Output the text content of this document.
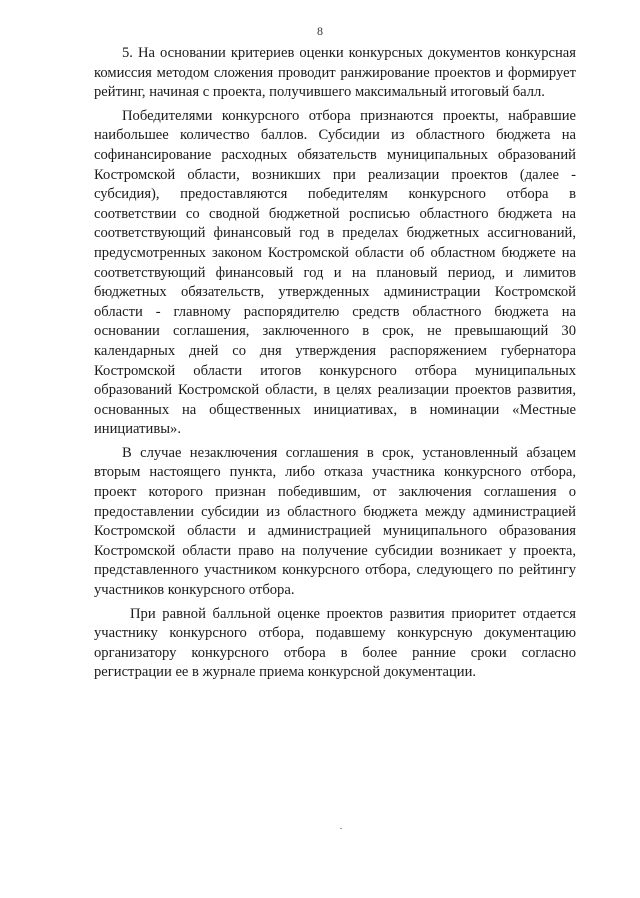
8

5. На основании критериев оценки конкурсных документов конкурсная комиссия методом сложения проводит ранжирование проектов и формирует рейтинг, начиная с проекта, получившего максимальный итоговый балл.

Победителями конкурсного отбора признаются проекты, набравшие наибольшее количество баллов. Субсидии из областного бюджета на софинансирование расходных обязательств муниципальных образований Костромской области, возникших при реализации проектов (далее - субсидия), предоставляются победителям конкурсного отбора в соответствии со сводной бюджетной росписью областного бюджета на соответствующий финансовый год в пределах бюджетных ассигнований, предусмотренных законом Костромской области об областном бюджете на соответствующий финансовый год и на плановый период, и лимитов бюджетных обязательств, утвержденных администрации Костромской области - главному распорядителю средств областного бюджета на основании соглашения, заключенного в срок, не превышающий 30 календарных дней со дня утверждения распоряжением губернатора Костромской области итогов конкурсного отбора муниципальных образований Костромской области, в целях реализации проектов развития, основанных на общественных инициативах, в номинации «Местные инициативы».

В случае незаключения соглашения в срок, установленный абзацем вторым настоящего пункта, либо отказа участника конкурсного отбора, проект которого признан победившим, от заключения соглашения о предоставлении субсидии из областного бюджета между администрацией Костромской области и администрацией муниципального образования Костромской области право на получение субсидии возникает у проекта, представленного участником конкурсного отбора, следующего по рейтингу участников конкурсного отбора.

При равной балльной оценке проектов развития приоритет отдается участнику конкурсного отбора, подавшему конкурсную документацию организатору конкурсного отбора в более ранние сроки согласно регистрации ее в журнале приема конкурсной документации.
